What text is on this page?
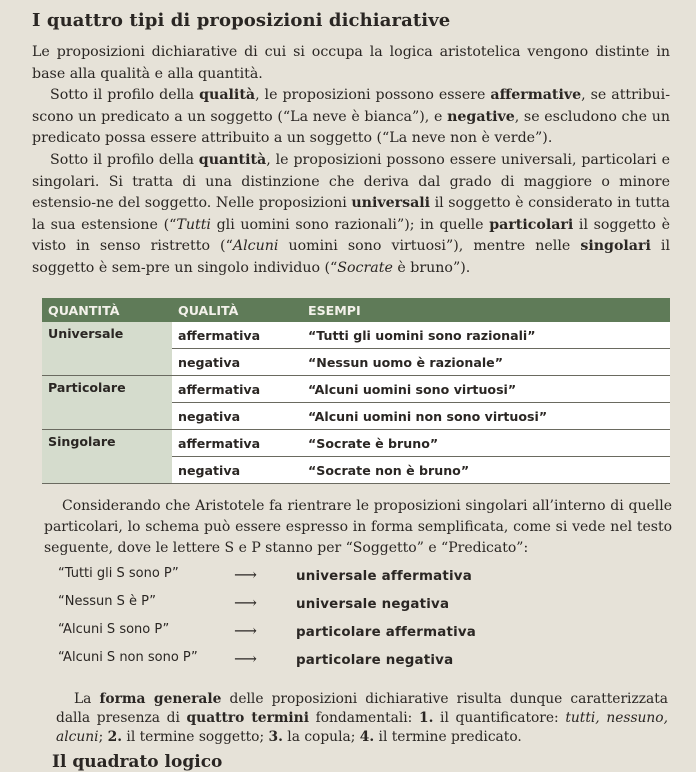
I quattro tipi di proposizioni dichiarative

Le proposizioni dichiarative di cui si occupa la logica aristotelica vengono distinte in base alla qualità e alla quantità.

Sotto il profilo della qualità, le proposizioni possono essere affermative, se attribui-scono un predicato a un soggetto (“La neve è bianca”), e negative, se escludono che un predicato possa essere attribuito a un soggetto (“La neve non è verde”).

Sotto il profilo della quantità, le proposizioni possono essere universali, particolari e singolari. Si tratta di una distinzione che deriva dal grado di maggiore o minore estensio-ne del soggetto. Nelle proposizioni universali il soggetto è considerato in tutta la sua estensione (“Tutti gli uomini sono razionali”); in quelle particolari il soggetto è visto in senso ristretto (“Alcuni uomini sono virtuosi”), mentre nelle singolari il soggetto è sem-pre un singolo individuo (“Socrate è bruno”).

QUANTITÀ	QUALITÀ	ESEMPI
Universale	affermativa	“Tutti gli uomini sono razionali”
	negativa	“Nessun uomo è razionale”
Particolare	affermativa	“Alcuni uomini sono virtuosi”
	negativa	“Alcuni uomini non sono virtuosi”
Singolare	affermativa	“Socrate è bruno”
	negativa	“Socrate non è bruno”

Considerando che Aristotele fa rientrare le proposizioni singolari all’interno di quelle particolari, lo schema può essere espresso in forma semplificata, come si vede nel testo seguente, dove le lettere S e P stanno per “Soggetto” e “Predicato”:

“Tutti gli S sono P”	⟶	universale affermativa
“Nessun S è P”	⟶	universale negativa
“Alcuni S sono P”	⟶	particolare affermativa
“Alcuni S non sono P” ⟶	particolare negativa

La forma generale delle proposizioni dichiarative risulta dunque caratterizzata dalla presenza di quattro termini fondamentali: 1. il quantificatore: tutti, nessuno, alcuni; 2. il termine soggetto; 3. la copula; 4. il termine predicato.

Il quadrato logico
